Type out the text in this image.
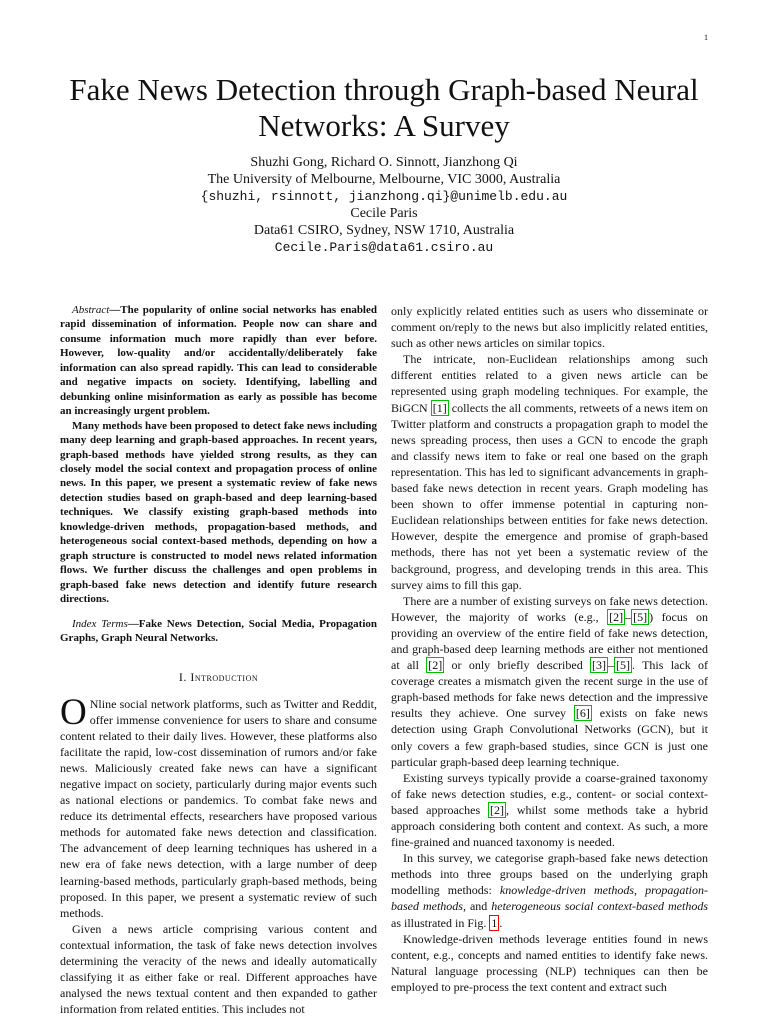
1
Fake News Detection through Graph-based Neural
Networks: A Survey

Shuzhi Gong, Richard O. Sinnott, Jianzhong Qi

The University of Melbourne, Melbourne, VIC 3000, Australia

{shuzhi, rsinnott, jianzhong.qi}@unimelb.edu.au

Cecile Paris

Data61 CSIRO, Sydney, NSW 1710, Australia

Cecile.Paris@data61.csiro.au

Abstract—The popularity of online social networks has enabled rapid dissemination of information. People now can share and consume information much more rapidly than ever before. However, low-quality and/or accidentally/deliberately fake information can also spread rapidly. This can lead to considerable and negative impacts on society. Identifying, labelling and debunking online misinformation as early as possible has become an increasingly urgent problem.

Many methods have been proposed to detect fake news including many deep learning and graph-based approaches. In recent years, graph-based methods have yielded strong results, as they can closely model the social context and propagation process of online news. In this paper, we present a systematic review of fake news detection studies based on graph-based and deep learning-based techniques. We classify existing graph-based methods into knowledge-driven methods, propagation-based methods, and heterogeneous social context-based methods, depending on how a graph structure is constructed to model news related information flows. We further discuss the challenges and open problems in graph-based fake news detection and identify future research directions.

Index Terms—Fake News Detection, Social Media, Propagation Graphs, Graph Neural Networks.

I. Introduction

O Nline social network platforms, such as Twitter and Reddit, offer immense convenience for users to share and consume content related to their daily lives. However, these platforms also facilitate the rapid, low-cost dissemination of rumors and/or fake news. Maliciously created fake news can have a significant negative impact on society, particularly during major events such as national elections or pandemics. To combat fake news and reduce its detrimental effects, researchers have proposed various methods for automated fake news detection and classification. The advancement of deep learning techniques has ushered in a new era of fake news detection, with a large number of deep learning-based methods, particularly graph-based methods, being proposed. In this paper, we present a systematic review of such methods.

Given a news article comprising various content and contextual information, the task of fake news detection involves determining the veracity of the news and ideally automatically classifying it as either fake or real. Different approaches have analysed the news textual content and then expanded to gather information from related entities. This includes not

only explicitly related entities such as users who disseminate or comment on/reply to the news but also implicitly related entities, such as other news articles on similar topics.

The intricate, non-Euclidean relationships among such different entities related to a given news article can be represented using graph modeling techniques. For example, the BiGCN [1] collects the all comments, retweets of a news item on Twitter platform and constructs a propagation graph to model the news spreading process, then uses a GCN to encode the graph and classify news item to fake or real one based on the graph representation. This has led to significant advancements in graph-based fake news detection in recent years. Graph modeling has been shown to offer immense potential in capturing non-Euclidean relationships between entities for fake news detection. However, despite the emergence and promise of graph-based methods, there has not yet been a systematic review of the background, progress, and developing trends in this area. This survey aims to fill this gap.

There are a number of existing surveys on fake news detection. However, the majority of works (e.g., [2] – [5] ) focus on providing an overview of the entire field of fake news detection, and graph-based deep learning methods are either not mentioned at all [2] or only briefly described [3] – [5] . This lack of coverage creates a mismatch given the recent surge in the use of graph-based methods for fake news detection and the impressive results they achieve. One survey [6] exists on fake news detection using Graph Convolutional Networks (GCN), but it only covers a few graph-based studies, since GCN is just one particular graph-based deep learning technique.

Existing surveys typically provide a coarse-grained taxonomy of fake news detection studies, e.g., content- or social context-based approaches [2] , whilst some methods take a hybrid approach considering both content and context. As such, a more fine-grained and nuanced taxonomy is needed.

In this survey, we categorise graph-based fake news detection methods into three groups based on the underlying graph modelling methods: knowledge-driven methods, propagation-based methods, and heterogeneous social context-based methods as illustrated in Fig. 1 .

Knowledge-driven methods leverage entities found in news content, e.g., concepts and named entities to identify fake news. Natural language processing (NLP) techniques can then be employed to pre-process the text content and extract such
